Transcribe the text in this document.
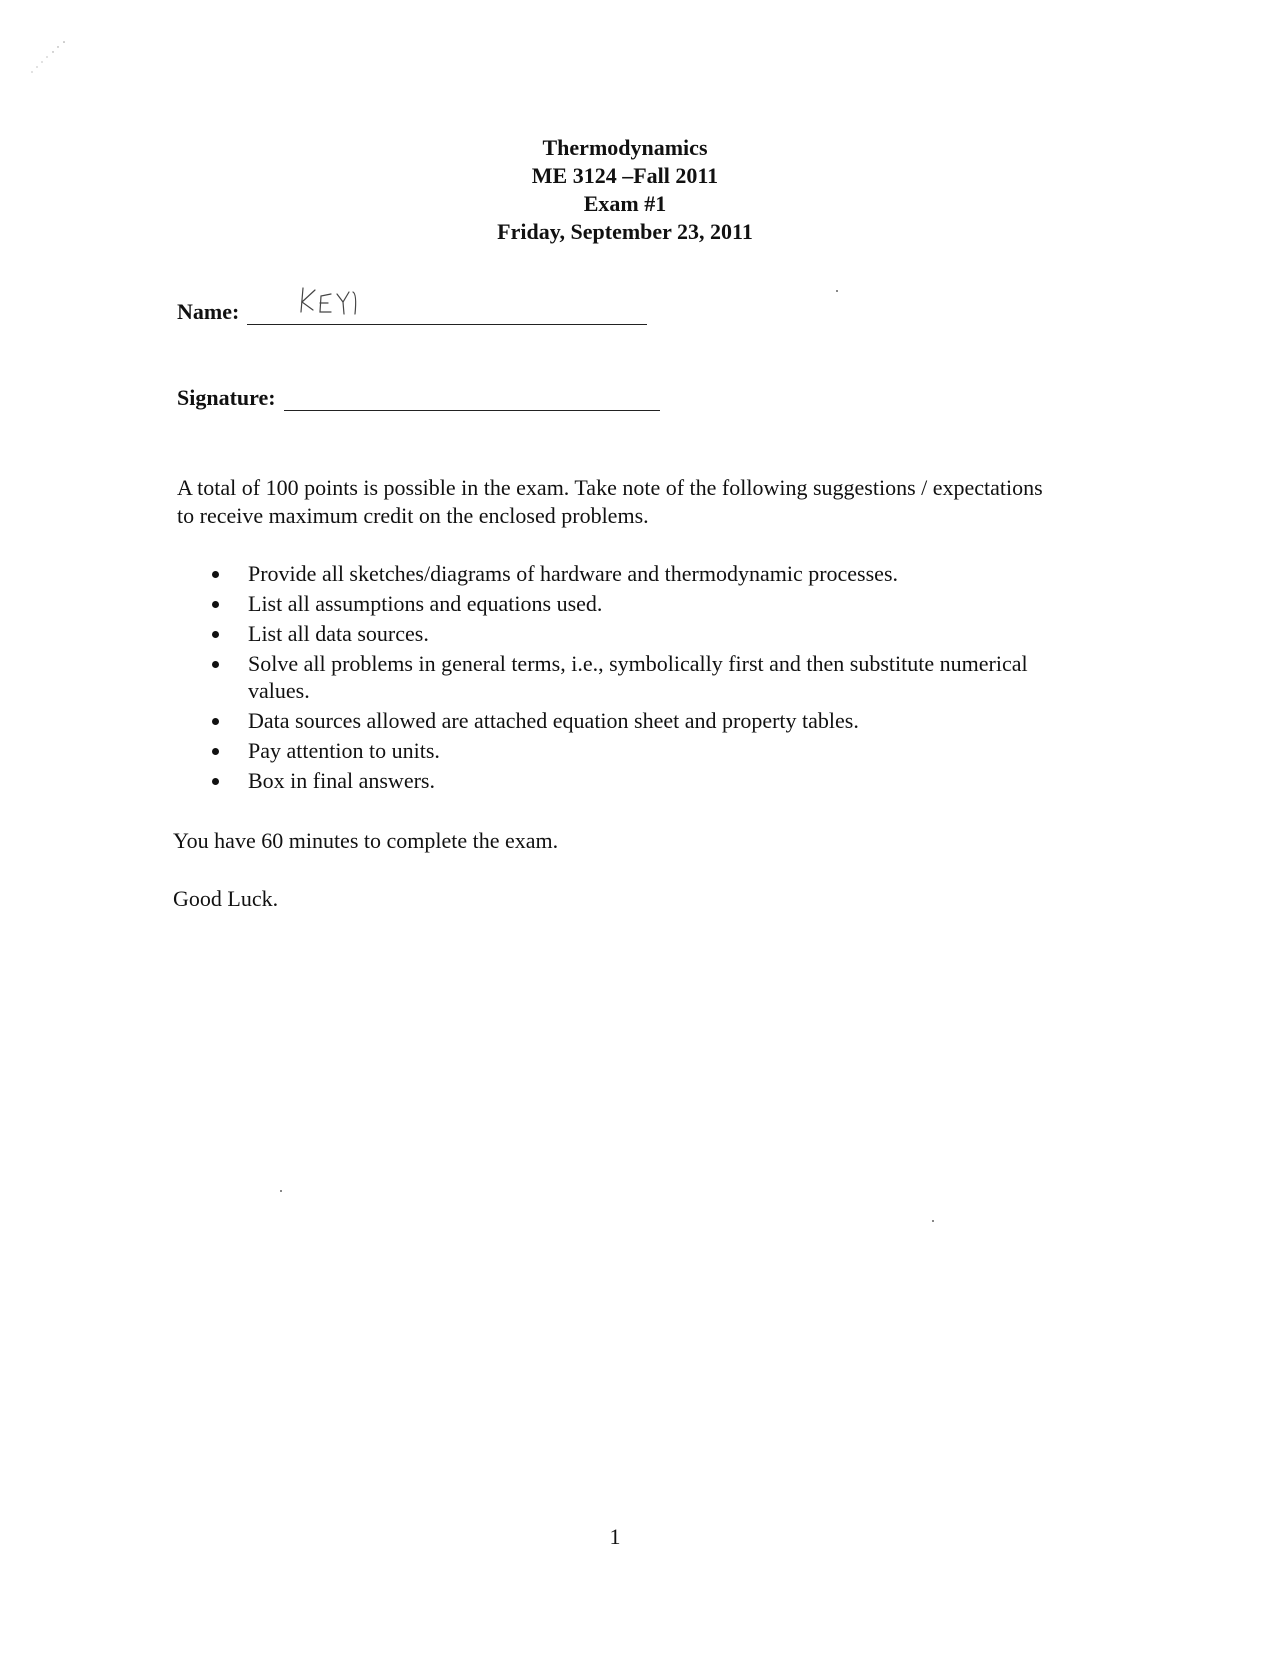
Thermodynamics
ME 3124 –Fall 2011
Exam #1
Friday, September 23, 2011
Name:
Signature:
A total of 100 points is possible in the exam. Take note of the following suggestions / expectations to receive maximum credit on the enclosed problems.
Provide all sketches/diagrams of hardware and thermodynamic processes.
List all assumptions and equations used.
List all data sources.
Solve all problems in general terms, i.e., symbolically first and then substitute numerical values.
Data sources allowed are attached equation sheet and property tables.
Pay attention to units.
Box in final answers.
You have 60 minutes to complete the exam.
Good Luck.
1
